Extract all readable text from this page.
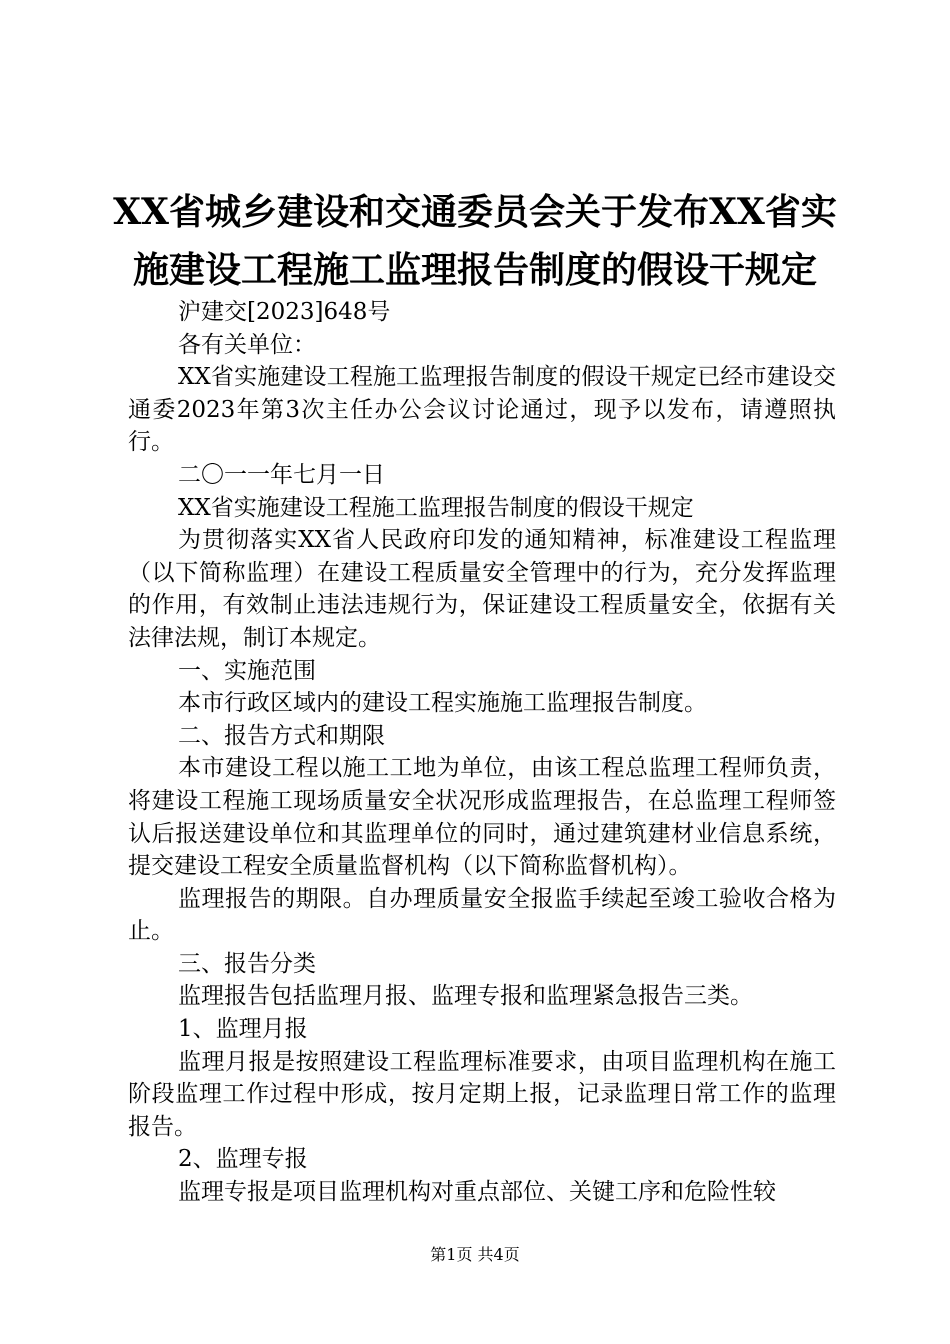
XX省城乡建设和交通委员会关于发布XX省实
施建设工程施工监理报告制度的假设干规定

沪建交[2023]648号

各有关单位：

XX省实施建设工程施工监理报告制度的假设干规定已经市建设交通委2023年第3次主任办公会议讨论通过，现予以发布，请遵照执行。

二〇一一年七月一日

XX省实施建设工程施工监理报告制度的假设干规定

为贯彻落实XX省人民政府印发的通知精神，标准建设工程监理（以下简称监理）在建设工程质量安全管理中的行为，充分发挥监理的作用，有效制止违法违规行为，保证建设工程质量安全，依据有关法律法规，制订本规定。

一、实施范围

本市行政区域内的建设工程实施施工监理报告制度。

二、报告方式和期限

本市建设工程以施工工地为单位，由该工程总监理工程师负责，将建设工程施工现场质量安全状况形成监理报告，在总监理工程师签认后报送建设单位和其监理单位的同时，通过建筑建材业信息系统，提交建设工程安全质量监督机构（以下简称监督机构）。

监理报告的期限。自办理质量安全报监手续起至竣工验收合格为止。

三、报告分类

监理报告包括监理月报、监理专报和监理紧急报告三类。

1、监理月报

监理月报是按照建设工程监理标准要求，由项目监理机构在施工阶段监理工作过程中形成，按月定期上报，记录监理日常工作的监理报告。

2、监理专报

监理专报是项目监理机构对重点部位、关键工序和危险性较

第1页 共4页
